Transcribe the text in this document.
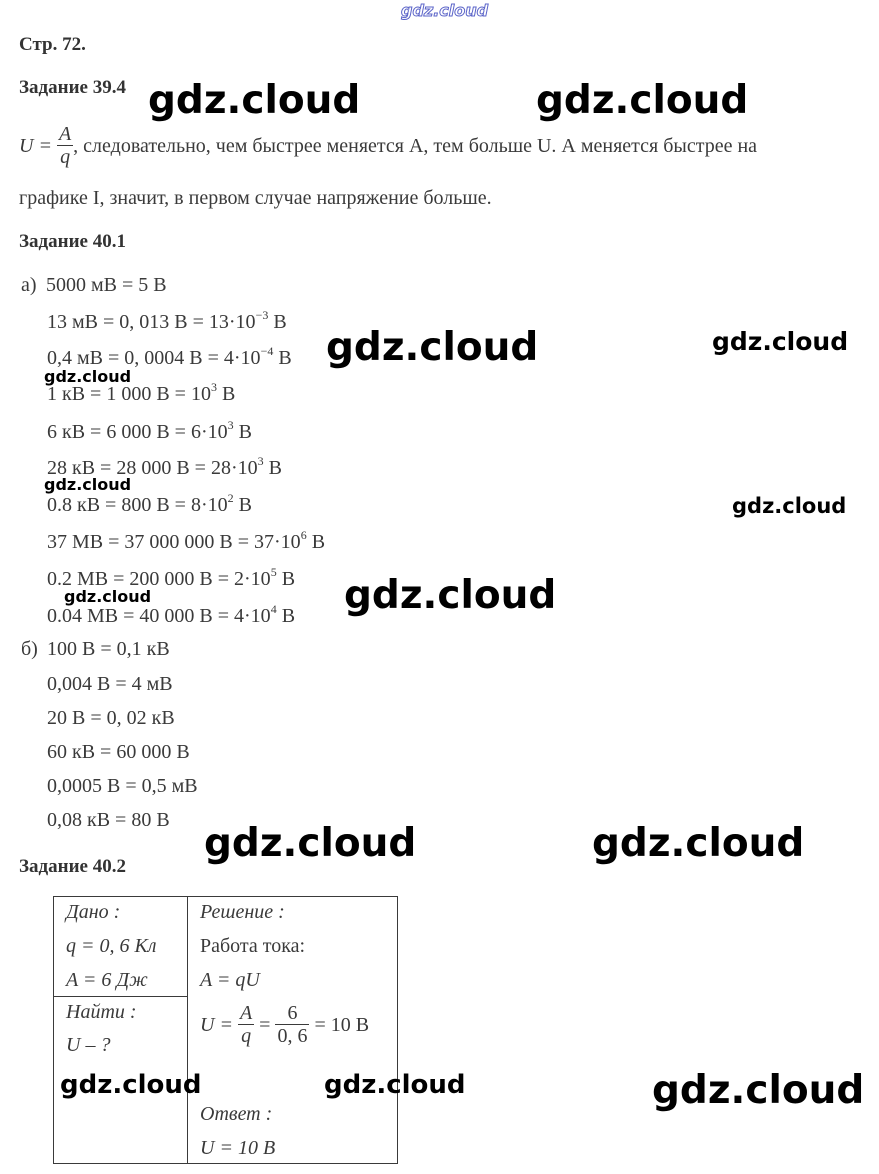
gdz.cloud
Стр. 72.
Задание 39.4
$U = \frac{A}{q}$ , следовательно, чем быстрее меняется А, тем больше U. А меняется быстрее на
графике I, значит, в первом случае напряжение больше.
Задание 40.1
а) 5000 мВ = 5 В
13 мВ = 0, 013 $В = 13\cdot 10^{-3}$ В
0,4 мВ = 0, 0004 $В = 4\cdot 10^{-4}$ В
1 кВ = 1 000 $В = 10^3$ В
6 кВ = 6 000 $В = 6\cdot 10^3$ В
28 кВ = 28 000 $В = 28\cdot 10^3$ В
0.8 кВ = 800 $В = 8\cdot 10^2$ В
37 МВ = 37 000 000 $В = 37\cdot 10^6$ В
0.2 МВ = 200 000 $В = 2\cdot 10^5$ В
0.04 МВ = 40 000 $В = 4\cdot 10^4$ В
б) 100 В = 0,1 кВ
0,004 В = 4 мВ
20 В = 0, 02 кВ
60 кВ = 60 000 В
0,0005 В = 0,5 мВ
0,08 кВ = 80 В
Задание 40.2
Дано :
q = 0, 6 Кл
A = 6 Дж
Найти :
U – ?
Решение :
Работа тока:
A = qU
$U = \frac{A}{q} = \frac{6}{0, 6} = 10$ В
Ответ :
U = 10 В
gdz.cloud	gdz.cloud
gdz.cloud	gdz.cloud
gdz.cloud
gdz.cloud
gdz.cloud
gdz.cloud	gdz.cloud
gdz.cloud	gdz.cloud
gdz.cloud	gdz.cloud	gdz.cloud
